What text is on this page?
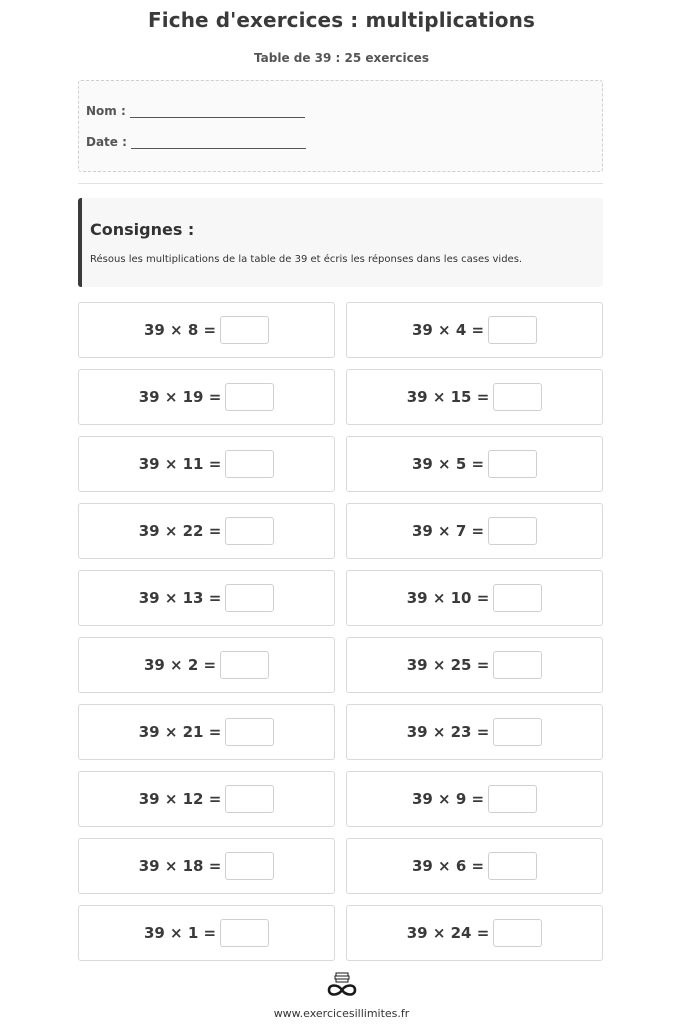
Fiche d'exercices : multiplications
Table de 39 : 25 exercices
Nom :
Date :
Consignes :
Résous les multiplications de la table de 39 et écris les réponses dans les cases vides.
39 × 8 =	39 × 4 =
39 × 19 =	39 × 15 =
39 × 11 =	39 × 5 =
39 × 22 =	39 × 7 =
39 × 13 =	39 × 10 =
39 × 2 =	39 × 25 =
39 × 21 =	39 × 23 =
39 × 12 =	39 × 9 =
39 × 18 =	39 × 6 =
39 × 1 =	39 × 24 =
www.exercicesillimites.fr
